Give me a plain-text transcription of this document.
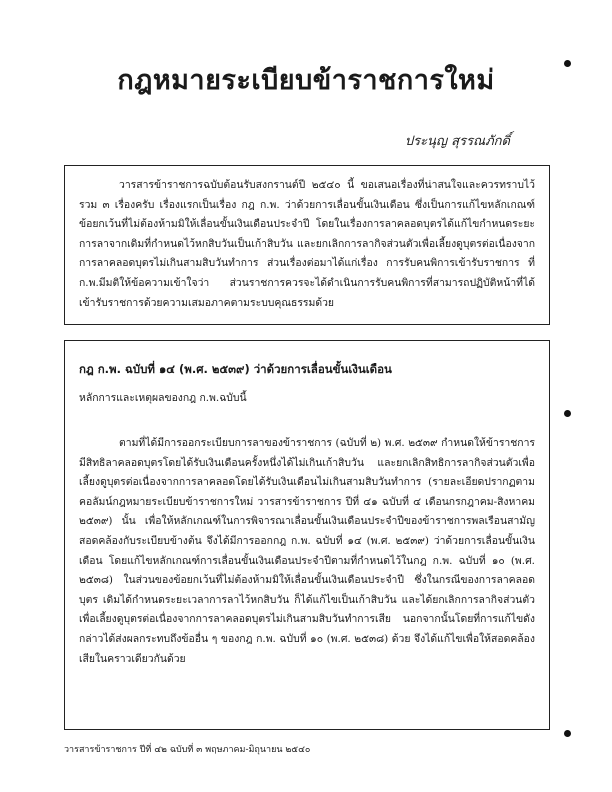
กฎหมายระเบียบข้าราชการใหม่
ประนุญ สุรรณภักดิ์

วารสารข้าราชการฉบับต้อนรับสงกรานต์ปี ๒๕๔๐ นี้ ขอเสนอเรื่องที่น่าสนใจและควรทราบไว้ รวม ๓ เรื่องครับ เรื่องแรกเป็นเรื่อง กฎ ก.พ. ว่าด้วยการเลื่อนขั้นเงินเดือน ซึ่งเป็นการแก้ไขหลักเกณฑ์ข้อยกเว้นที่ไม่ต้องห้ามมิให้เลื่อนขั้นเงินเดือนประจำปี โดยในเรื่องการลาคลอดบุตรได้แก้ไขกำหนดระยะการลาจากเดิมที่กำหนดไว้หกสิบวันเป็นเก้าสิบวัน และยกเลิกการลากิจส่วนตัวเพื่อเลี้ยงดูบุตรต่อเนื่องจากการลาคลอดบุตรไม่เกินสามสิบวันทำการ ส่วนเรื่องต่อมาได้แก่เรื่อง การรับคนพิการเข้ารับราชการ ที่ ก.พ.มีมติให้ข้อความเข้าใจว่า ส่วนราชการควรจะได้ดำเนินการรับคนพิการที่สามารถปฏิบัติหน้าที่ได้ เข้ารับราชการด้วยความเสมอภาคตามระบบคุณธรรมด้วย

กฎ ก.พ. ฉบับที่ ๑๔ (พ.ศ. ๒๕๓๙) ว่าด้วยการเลื่อนขั้นเงินเดือน
หลักการและเหตุผลของกฎ ก.พ.ฉบับนี้

ตามที่ได้มีการออกระเบียบการลาของข้าราชการ (ฉบับที่ ๒) พ.ศ. ๒๕๓๙ กำหนดให้ข้าราชการมีสิทธิลาคลอดบุตรโดยได้รับเงินเดือนครั้งหนึ่งได้ไม่เกินเก้าสิบวัน และยกเลิกสิทธิการลากิจส่วนตัวเพื่อเลี้ยงดูบุตรต่อเนื่องจากการลาคลอดโดยได้รับเงินเดือนไม่เกินสามสิบวันทำการ (รายละเอียดปรากฏตามคอลัมน์กฎหมายระเบียบข้าราชการใหม่ วารสารข้าราชการ ปีที่ ๔๑ ฉบับที่ ๔ เดือนกรกฎาคม-สิงหาคม ๒๕๓๙) นั้น เพื่อให้หลักเกณฑ์ในการพิจารณาเลื่อนขั้นเงินเดือนประจำปีของข้าราชการพลเรือนสามัญสอดคล้องกับระเบียบข้างต้น จึงได้มีการออกกฎ ก.พ. ฉบับที่ ๑๔ (พ.ศ. ๒๕๓๙) ว่าด้วยการเลื่อนขั้นเงินเดือน โดยแก้ไขหลักเกณฑ์การเลื่อนขั้นเงินเดือนประจำปีตามที่กำหนดไว้ในกฎ ก.พ. ฉบับที่ ๑๐ (พ.ศ. ๒๕๓๘) ในส่วนของข้อยกเว้นที่ไม่ต้องห้ามมิให้เลื่อนขั้นเงินเดือนประจำปี ซึ่งในกรณีของการลาคลอดบุตร เดิมได้กำหนดระยะเวลาการลาไว้หกสิบวัน ก็ได้แก้ไขเป็นเก้าสิบวัน และได้ยกเลิกการลากิจส่วนตัวเพื่อเลี้ยงดูบุตรต่อเนื่องจากการลาคลอดบุตรไม่เกินสามสิบวันทำการเสีย นอกจากนั้นโดยที่การแก้ไขดังกล่าวได้ส่งผลกระทบถึงข้ออื่น ๆ ของกฎ ก.พ. ฉบับที่ ๑๐ (พ.ศ. ๒๕๓๘) ด้วย จึงได้แก้ไขเพื่อให้สอดคล้องเสียในคราวเดียวกันด้วย

วารสารข้าราชการ ปีที่ ๔๒ ฉบับที่ ๓ พฤษภาคม-มิถุนายน ๒๕๔๐
